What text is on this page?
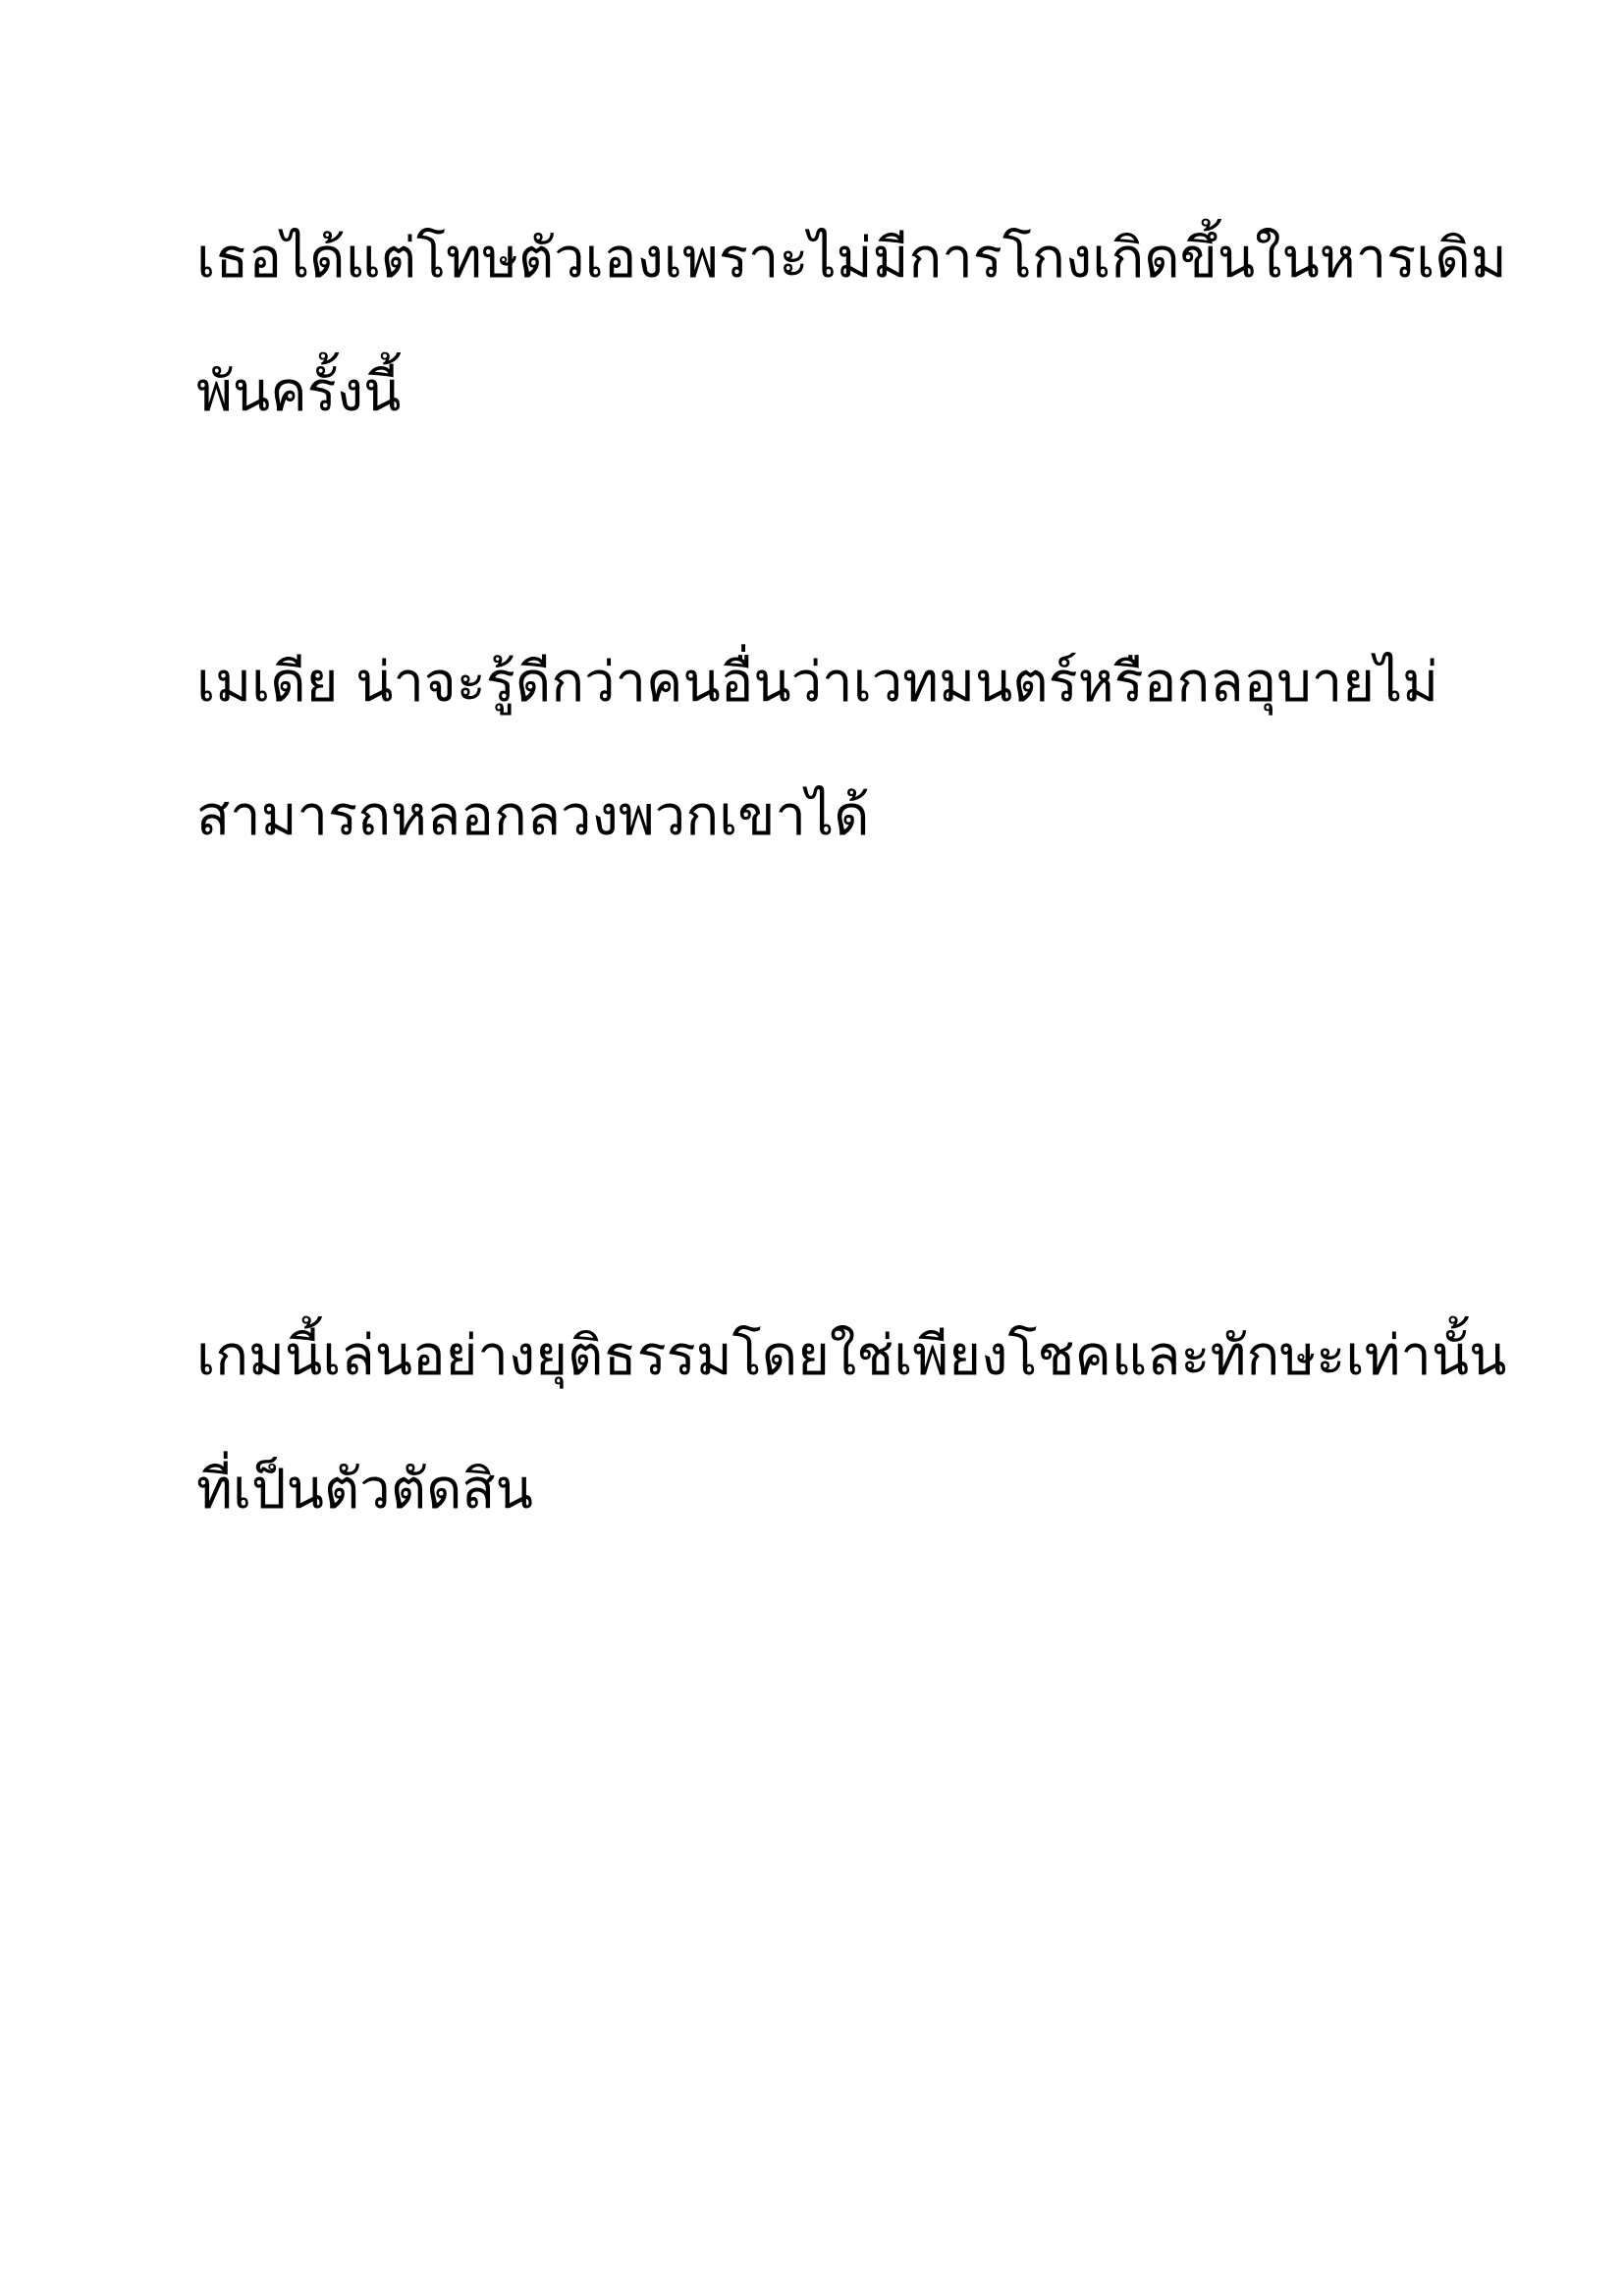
เธอได้แต่โทษตัวเองเพราะไม่มีการโกงเกิดขึ้นในหารเดิม
พันครั้งนี้

เมเดีย น่าจะรู้ดีกว่าคนอื่นว่าเวทมนตร์หรือกลอุบายไม่
สามารถหลอกลวงพวกเขาได้

เกมนี้เล่นอย่างยุติธรรมโดยใช่เพียงโชคและทักษะเท่านั้น
ที่เป็นตัวตัดสิน
